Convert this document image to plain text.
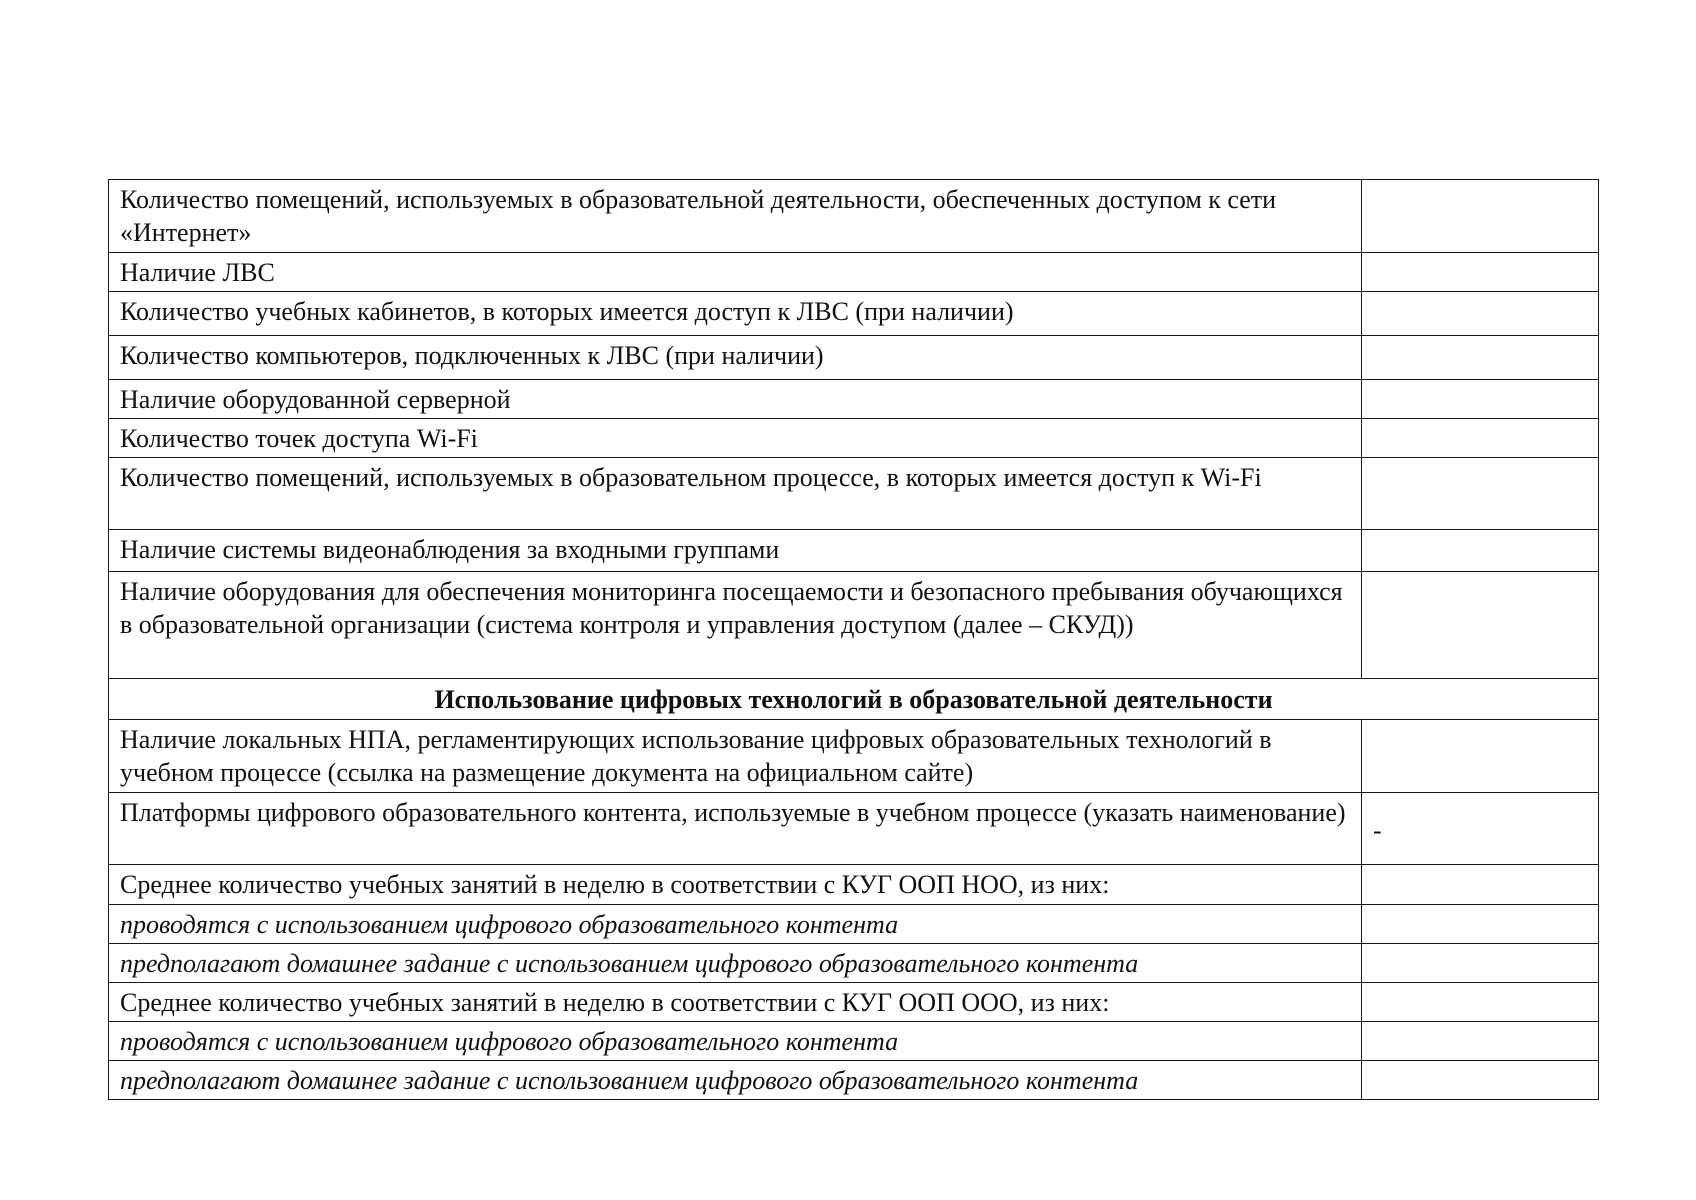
Количество помещений, используемых в образовательной деятельности, обеспеченных доступом к сети «Интернет»	
Наличие ЛВС	
Количество учебных кабинетов, в которых имеется доступ к ЛВС (при наличии)	
Количество компьютеров, подключенных к ЛВС (при наличии)	
Наличие оборудованной серверной	
Количество точек доступа Wi-Fi	
Количество помещений, используемых в образовательном процессе, в которых имеется доступ к Wi-Fi	
Наличие системы видеонаблюдения за входными группами	
Наличие оборудования для обеспечения мониторинга посещаемости и безопасного пребывания обучающихся в образовательной организации (система контроля и управления доступом (далее – СКУД))	
Использование цифровых технологий в образовательной деятельности	
Наличие локальных НПА, регламентирующих использование цифровых образовательных технологий в учебном процессе (ссылка на размещение документа на официальном сайте)	
Платформы цифрового образовательного контента, используемые в учебном процессе (указать наименование)	-
Среднее количество учебных занятий в неделю в соответствии с КУГ ООП НОО, из них:	
проводятся с использованием цифрового образовательного контента	
предполагают домашнее задание с использованием цифрового образовательного контента	
Среднее количество учебных занятий в неделю в соответствии с КУГ ООП ООО, из них:	
проводятся с использованием цифрового образовательного контента	
предполагают домашнее задание с использованием цифрового образовательного контента	
